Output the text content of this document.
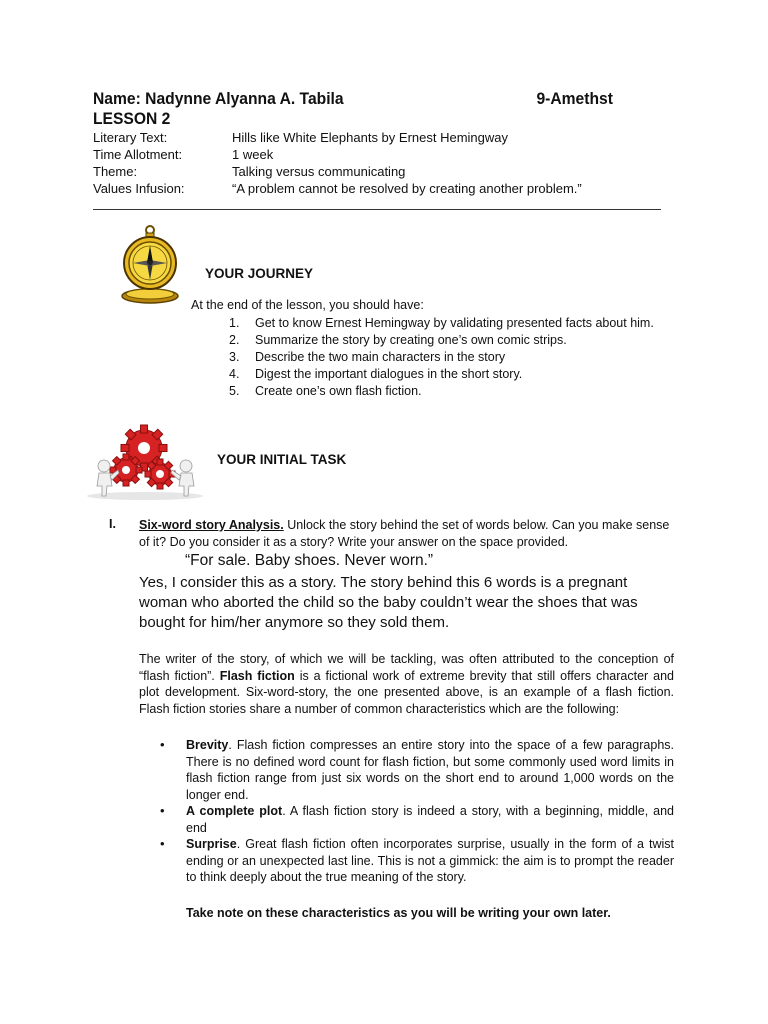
Name: Nadynne Alyanna A. Tabila	9-Amethst
LESSON 2
Literary Text:	Hills like White Elephants by Ernest Hemingway
Time Allotment:	1 week
Theme:	Talking versus communicating
Values Infusion:	“A problem cannot be resolved by creating another problem.”
YOUR JOURNEY
At the end of the lesson, you should have:
1. Get to know Ernest Hemingway by validating presented facts about him.
2. Summarize the story by creating one’s own comic strips.
3. Describe the two main characters in the story
4. Digest the important dialogues in the short story.
5. Create one’s own flash fiction.
YOUR INITIAL TASK
I. Six-word story Analysis. Unlock the story behind the set of words below. Can you make sense of it? Do you consider it as a story? Write your answer on the space provided.
“For sale. Baby shoes. Never worn.”
Yes, I consider this as a story. The story behind this 6 words is a pregnant woman who aborted the child so the baby couldn’t wear the shoes that was bought for him/her anymore so they sold them.
The writer of the story, of which we will be tackling, was often attributed to the conception of “flash fiction”. Flash fiction is a fictional work of extreme brevity that still offers character and plot development. Six-word-story, the one presented above, is an example of a flash fiction. Flash fiction stories share a number of common characteristics which are the following:
• Brevity. Flash fiction compresses an entire story into the space of a few paragraphs. There is no defined word count for flash fiction, but some commonly used word limits in flash fiction range from just six words on the short end to around 1,000 words on the longer end.
• A complete plot. A flash fiction story is indeed a story, with a beginning, middle, and end
• Surprise. Great flash fiction often incorporates surprise, usually in the form of a twist ending or an unexpected last line. This is not a gimmick: the aim is to prompt the reader to think deeply about the true meaning of the story.
Take note on these characteristics as you will be writing your own later.
